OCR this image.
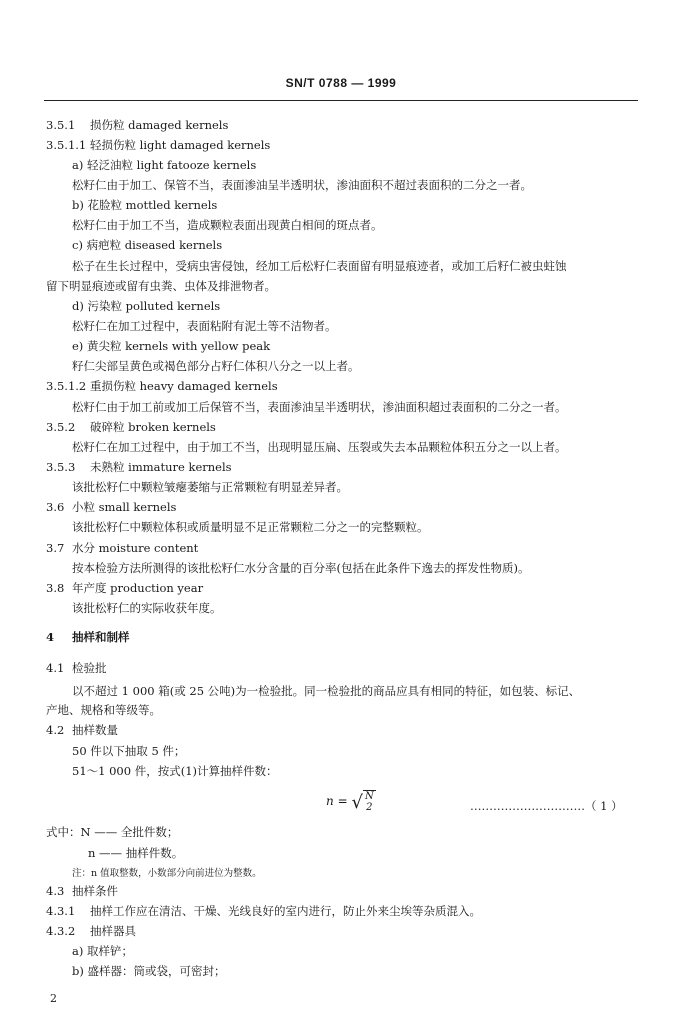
SN/T 0788 — 1999
3.5.1 损伤粒 damaged kernels
3.5.1.1 轻损伤粒 light damaged kernels
a) 轻泛油粒 light fatooze kernels
松籽仁由于加工、保管不当，表面渗油呈半透明状，渗油面积不超过表面积的二分之一者。
b) 花脸粒 mottled kernels
松籽仁由于加工不当，造成颗粒表面出现黄白相间的斑点者。
c) 病疤粒 diseased kernels
松子在生长过程中，受病虫害侵蚀，经加工后松籽仁表面留有明显痕迹者，或加工后籽仁被虫蛀蚀
留下明显痕迹或留有虫粪、虫体及排泄物者。
d) 污染粒 polluted kernels
松籽仁在加工过程中，表面粘附有泥土等不洁物者。
e) 黄尖粒 kernels with yellow peak
籽仁尖部呈黄色或褐色部分占籽仁体积八分之一以上者。
3.5.1.2 重损伤粒 heavy damaged kernels
松籽仁由于加工前或加工后保管不当，表面渗油呈半透明状，渗油面积超过表面积的二分之一者。
3.5.2 破碎粒 broken kernels
松籽仁在加工过程中，由于加工不当，出现明显压扁、压裂或失去本品颗粒体积五分之一以上者。
3.5.3 未熟粒 immature kernels
该批松籽仁中颗粒皱瘪萎缩与正常颗粒有明显差异者。
3.6 小粒 small kernels
该批松籽仁中颗粒体积或质量明显不足正常颗粒二分之一的完整颗粒。
3.7 水分 moisture content
按本检验方法所测得的该批松籽仁水分含量的百分率(包括在此条件下逸去的挥发性物质)。
3.8 年产度 production year
该批松籽仁的实际收获年度。
4 抽样和制样
4.1 检验批
以不超过 1 000 箱(或 25 公吨)为一检验批。同一检验批的商品应具有相同的特征，如包装、标记、
产地、规格和等级等。
4.2 抽样数量
50 件以下抽取 5 件；
51～1 000 件，按式(1)计算抽样件数：
n = √ N
2	…………………………（ 1 ）
式中：N —— 全批件数；
n —— 抽样件数。
注：n 值取整数，小数部分向前进位为整数。
4.3 抽样条件
4.3.1 抽样工作应在清洁、干燥、光线良好的室内进行，防止外来尘埃等杂质混入。
4.3.2 抽样器具
a) 取样铲；
b) 盛样器：筒或袋，可密封；
2
